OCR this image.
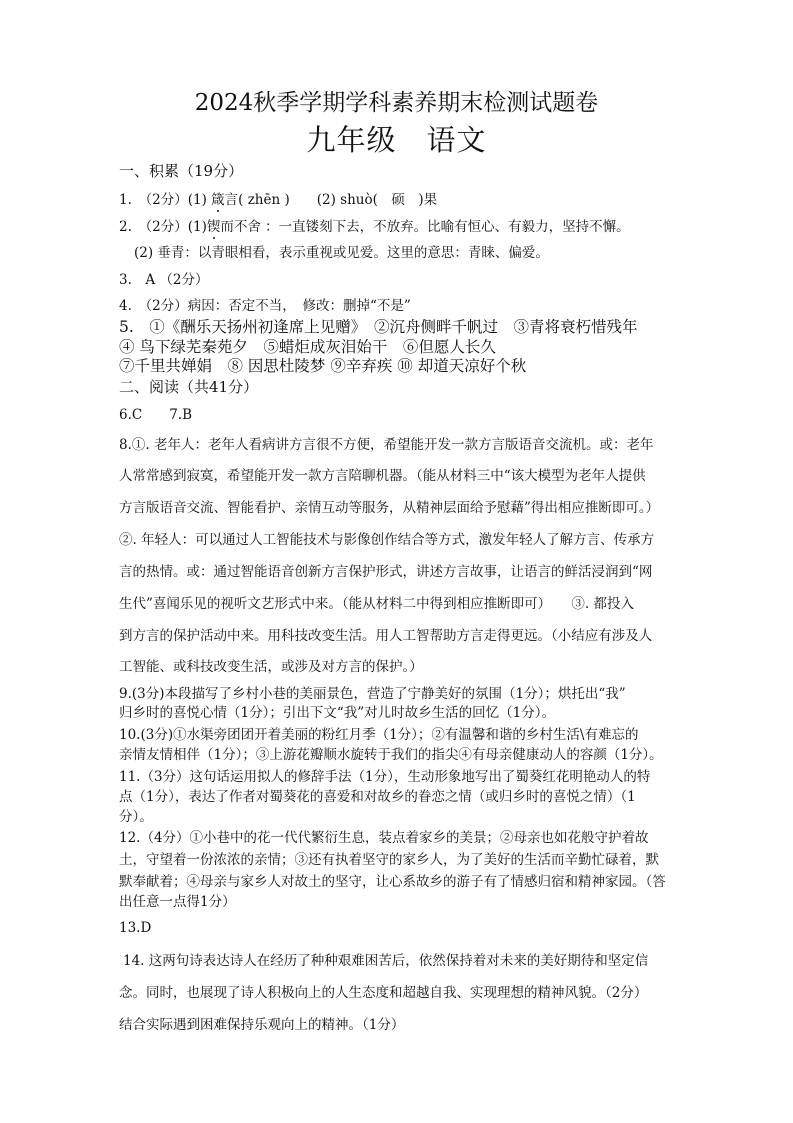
2024秋季学期学科素养期末检测试题卷
九年级　语文
一、积累（19分）
1.　（2分）(1) 箴言( zhēn )　　(2) shuò(　硕　)果
2.　（2分）(1)锲而不舍 ：一直镂刻下去，不放弃。比喻有恒心、有毅力，坚持不懈。
(2) 垂青：以青眼相看，表示重视或见爱。这里的意思：青睐、偏爱。
3.　A （2分）
4.　（2分）病因：否定不当，　修改：删掉“不是”
5.　①《酬乐天扬州初逢席上见赠》　②沉舟侧畔千帆过　③青将衰朽惜残年
④ 鸟下绿芜秦苑夕　⑤蜡炬成灰泪始干　⑥但愿人长久
⑦千里共婵娟　⑧ 因思杜陵梦 ⑨辛弃疾 ⑩ 却道天凉好个秋
二、阅读（共41分）
6.C　　7.B
8.①. 老年人：老年人看病讲方言很不方便，希望能开发一款方言版语音交流机。或：老年
人常常感到寂寞，希望能开发一款方言陪聊机器。（能从材料三中“该大模型为老年人提供
方言版语音交流、智能看护、亲情互动等服务，从精神层面给予慰藉”得出相应推断即可。）
②. 年轻人：可以通过人工智能技术与影像创作结合等方式，激发年轻人了解方言、传承方
言的热情。或：通过智能语音创新方言保护形式，讲述方言故事，让语言的鲜活浸润到“网
生代”喜闻乐见的视听文艺形式中来。（能从材料二中得到相应推断即可）　　③. 都投入
到方言的保护活动中来。用科技改变生活。用人工智帮助方言走得更远。（小结应有涉及人
工智能、或科技改变生活，或涉及对方言的保护。）
9.(3分)本段描写了乡村小巷的美丽景色，营造了宁静美好的氛围（1分）；烘托出“我”
归乡时的喜悦心情（1分）；引出下文“我”对儿时故乡生活的回忆（1分）。
10.(3分)①水渠旁团团开着美丽的粉红月季（1分）；②有温馨和谐的乡村生活\有难忘的
亲情友情相伴（1分）；③上游花瓣顺水旋转于我们的指尖④有母亲健康动人的容颜（1分）。
11.（3分）这句话运用拟人的修辞手法（1分），生动形象地写出了蜀葵红花明艳动人的特
点（1分），表达了作者对蜀葵花的喜爱和对故乡的眷恋之情（或归乡时的喜悦之情）（1
分）。
12.（4分）①小巷中的花一代代繁衍生息，装点着家乡的美景；②母亲也如花般守护着故
土，守望着一份浓浓的亲情；③还有执着坚守的家乡人，为了美好的生活而辛勤忙碌着，默
默奉献着；④母亲与家乡人对故土的坚守，让心系故乡的游子有了情感归宿和精神家园。（答
出任意一点得1分）
13.D
14. 这两句诗表达诗人在经历了种种艰难困苦后，依然保持着对未来的美好期待和坚定信
念。同时，也展现了诗人积极向上的人生态度和超越自我、实现理想的精神风貌。（2分）
结合实际遇到困难保持乐观向上的精神。（1分）
